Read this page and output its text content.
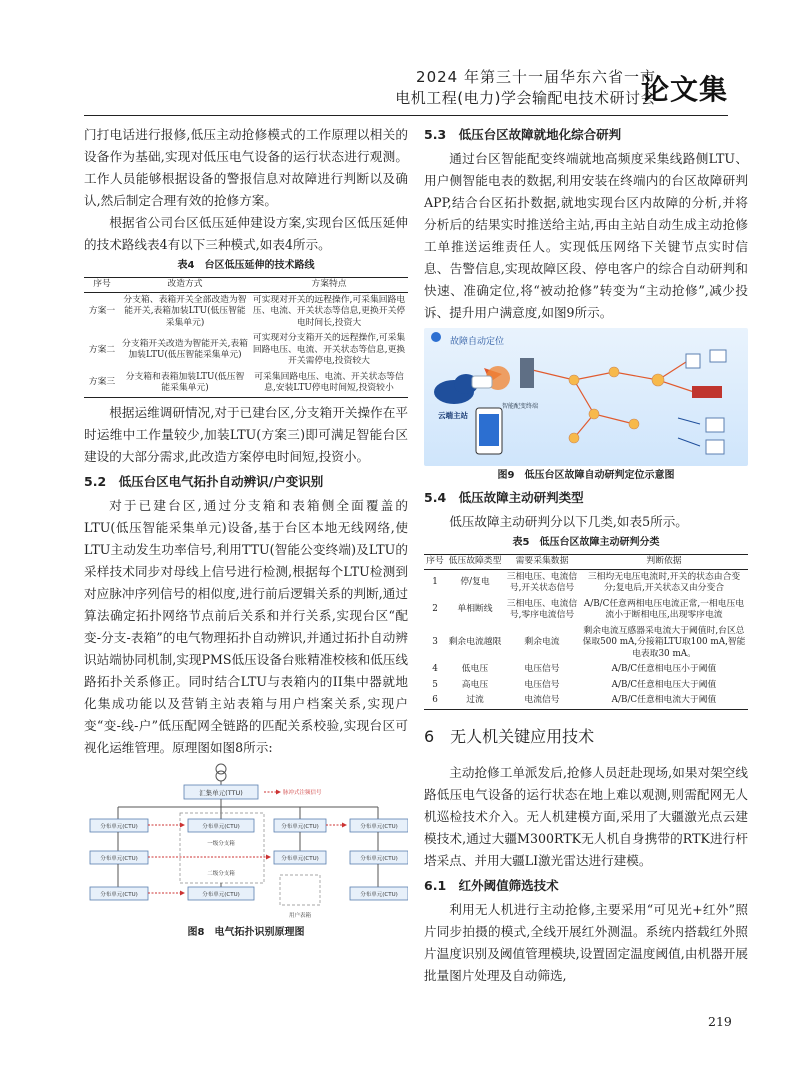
2024 年第三十一届华东六省一市
电机工程(电力)学会输配电技术研讨会
论文集

门打电话进行报修,低压主动抢修模式的工作原理以相关的设备作为基础,实现对低压电气设备的运行状态进行观测。工作人员能够根据设备的警报信息对故障进行判断以及确认,然后制定合理有效的抢修方案。

根据省公司台区低压延伸建设方案,实现台区低压延伸的技术路线表4有以下三种模式,如表4所示。

表4　台区低压延伸的技术路线
序号	改造方式	方案特点
方案一	分支箱、表箱开关全部改造为智能开关,表箱加装LTU(低压智能采集单元)	可实现对开关的远程操作,可采集回路电压、电流、开关状态等信息,更换开关停电时间长,投资大
方案二	分支箱开关改造为智能开关,表箱加装LTU(低压智能采集单元)	可实现对分支箱开关的远程操作,可采集回路电压、电流、开关状态等信息,更换开关需停电,投资较大
方案三	分支箱和表箱加装LTU(低压智能采集单元)	可采集回路电压、电流、开关状态等信息,安装LTU停电时间短,投资较小

根据运维调研情况,对于已建台区,分支箱开关操作在平时运维中工作量较少,加装LTU(方案三)即可满足智能台区建设的大部分需求,此改造方案停电时间短,投资小。

5.2　低压台区电气拓扑自动辨识/户变识别

对于已建台区,通过分支箱和表箱侧全面覆盖的LTU(低压智能采集单元)设备,基于台区本地无线网络,使LTU主动发生功率信号,利用TTU(智能公变终端)及LTU的采样技术同步对母线上信号进行检测,根据每个LTU检测到对应脉冲序列信号的相似度,进行前后逻辑关系的判断,通过算法确定拓扑网络节点前后关系和并行关系,实现台区“配变-分支-表箱”的电气物理拓扑自动辨识,并通过拓扑自动辨识站端协同机制,实现PMS低压设备台账精准校核和低压线路拓扑关系修正。同时结合LTU与表箱内的II集中器就地化集成功能以及营销主站表箱与用户档案关系,实现户变“变-线-户”低压配网全链路的匹配关系校验,实现台区可视化运维管理。原理图如图8所示:

汇集单元(TTU)	脉冲式注频信号
分布单元(CTU)	分布单元(CTU)	分布单元(CTU)	分布单元(CTU)
一级分支箱
二级分支箱
分布单元(CTU)	分布单元(CTU)	分布单元(CTU)
分布单元(CTU)	分布单元(CTU)	分布单元(CTU)
用户表箱
图8　电气拓扑识别原理图
5.3　低压台区故障就地化综合研判

通过台区智能配变终端就地高频度采集线路侧LTU、用户侧智能电表的数据,利用安装在终端内的台区故障研判APP,结合台区拓扑数据,就地实现台区内故障的分析,并将分析后的结果实时推送给主站,再由主站自动生成主动抢修工单推送运维责任人。实现低压网络下关键节点实时信息、告警信息,实现故障区段、停电客户的综合自动研判和快速、准确定位,将“被动抢修”转变为“主动抢修”,减少投诉、提升用户满意度,如图9所示。

故障自动定位
智能配变终端
云端主站
图9　低压台区故障自动研判定位示意图
5.4　低压故障主动研判类型

低压故障主动研判分以下几类,如表5所示。

表5　低压台区故障主动研判分类
序号	低压故障类型	需要采集数据	判断依据
1	停/复电	三相电压、电流信号,开关状态信号	三相均无电压电流时,开关的状态由合变分;复电后,开关状态又由分变合
2	单相断线	三相电压、电流信号,零序电流信号	A/B/C任意两相电压电流正常,一相电压电流小于断相电压,出现零序电流
3	剩余电流越限	剩余电流	剩余电流互感器采电流大于阈值时,台区总保取500 mA,分接箱LTU取100 mA,智能电表取30 mA。
4	低电压	电压信号	A/B/C任意相电压小于阈值
5	高电压	电压信号	A/B/C任意相电压大于阈值
6	过流	电流信号	A/B/C任意相电流大于阈值
6　无人机关键应用技术

主动抢修工单派发后,抢修人员赶赴现场,如果对架空线路低压电气设备的运行状态在地上难以观测,则需配网无人机巡检技术介入。无人机建模方面,采用了大疆激光点云建模技术,通过大疆M300RTK无人机自身携带的RTK进行杆塔采点、并用大疆LI激光雷达进行建模。

6.1　红外阈值筛选技术

利用无人机进行主动抢修,主要采用“可见光+红外”照片同步拍摄的模式,全线开展红外测温。系统内搭载红外照片温度识别及阈值管理模块,设置固定温度阈值,由机器开展批量图片处理及自动筛选,

219
